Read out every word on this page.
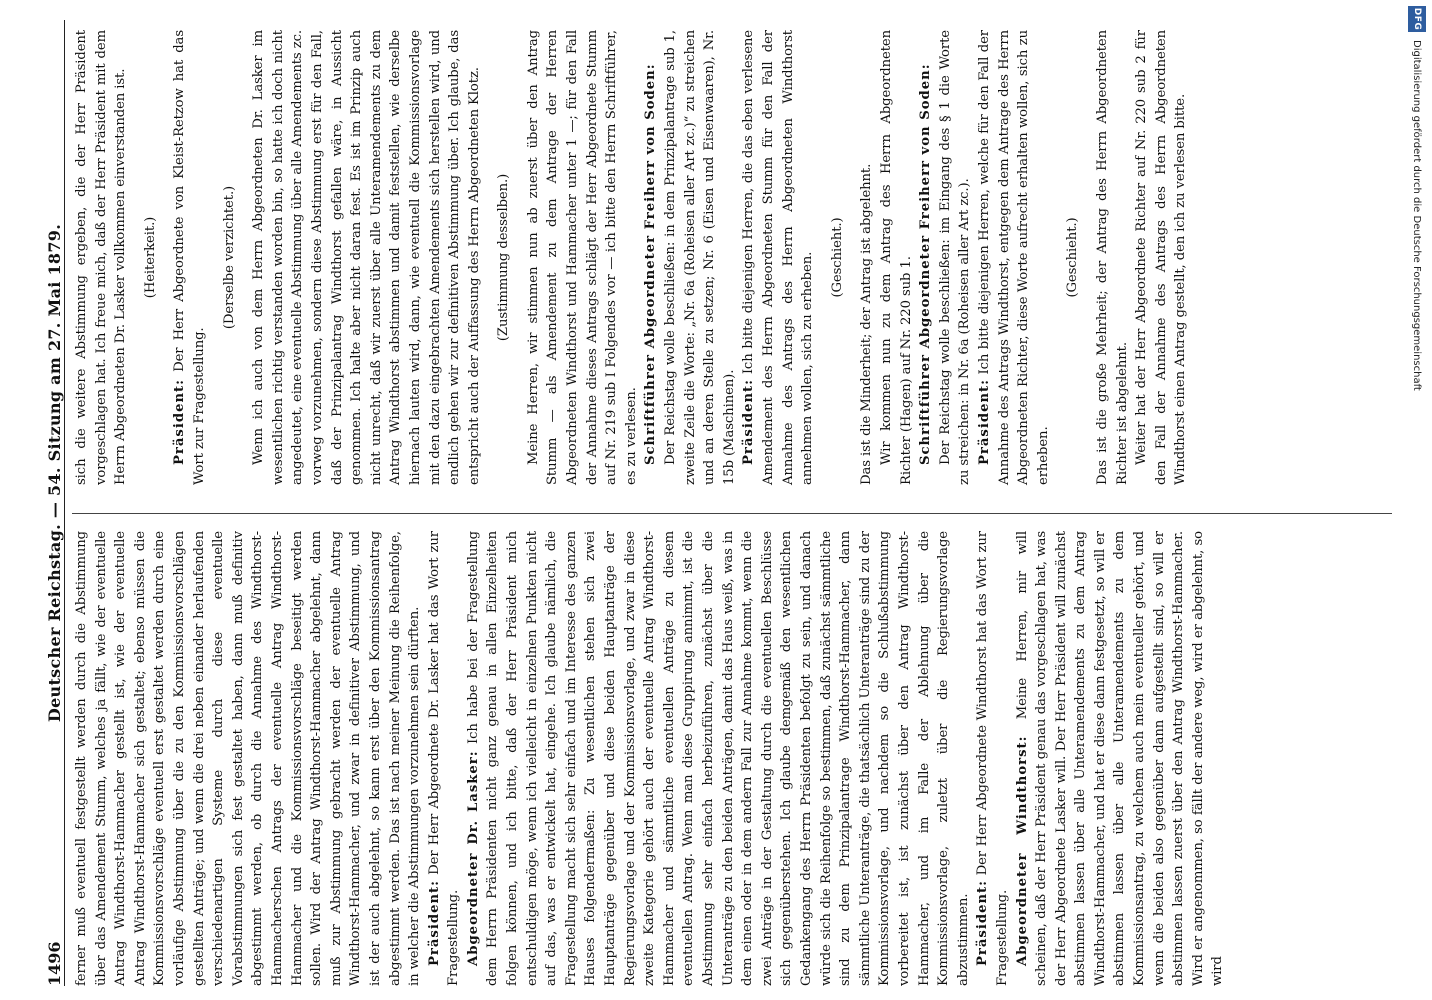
DFG
Digitalisierung gefördert durch die Deutsche Forschungsgemeinschaft
1496
Deutscher Reichstag. — 54. Sitzung am 27. Mai 1879.

ferner muß eventuell festgestellt werden durch die Abstimmung über das Amendement Stumm, welches ja fällt, wie der eventuelle Antrag Windthorst-Hammacher gestellt ist, wie der eventuelle Antrag Windthorst-Hammacher sich gestaltet; ebenso müssen die Kommissionsvorschläge eventuell erst gestaltet werden durch eine vorläufige Abstimmung über die zu den Kommissionsvorschlägen gestellten Anträge; und wenn die drei neben einander herlaufenden verschiedenartigen Systeme durch diese eventuelle Vorabstimmungen sich fest gestaltet haben, dann muß definitiv abgestimmt werden, ob durch die Annahme des Windthorst-Hammacherschen Antrags der eventuelle Antrag Windthorst-Hammacher und die Kommissionsvorschläge beseitigt werden sollen. Wird der Antrag Windthorst-Hammacher abgelehnt, dann muß zur Abstimmung gebracht werden der eventuelle Antrag Windthorst-Hammacher, und zwar in definitiver Abstimmung, und ist der auch abgelehnt, so kann erst über den Kommissionsantrag abgestimmt werden. Das ist nach meiner Meinung die Reihenfolge, in welcher die Abstimmungen vorzunehmen sein dürften. Präsident: Der Herr Abgeordnete Dr. Lasker hat das Wort zur Fragestellung. Abgeordneter Dr. Lasker: Ich habe bei der Fragestellung dem Herrn Präsidenten nicht ganz genau in allen Einzelheiten folgen können, und ich bitte, daß der Herr Präsident mich entschuldigen möge, wenn ich vielleicht in einzelnen Punkten nicht auf das, was er entwickelt hat, eingehe. Ich glaube nämlich, die Fragestellung macht sich sehr einfach und im Interesse des ganzen Hauses folgendermaßen: Zu wesentlichen stehen sich zwei Hauptanträge gegenüber und diese beiden Hauptanträge der Regierungsvorlage und der Kommissionsvorlage, und zwar in diese zweite Kategorie gehört auch der eventuelle Antrag Windthorst-Hammacher und sämmtliche eventuellen Anträge zu diesem eventuellen Antrag. Wenn man diese Gruppirung annimmt, ist die Abstimmung sehr einfach herbeizuführen, zunächst über die Unteranträge zu den beiden Anträgen, damit das Haus weiß, was in dem einen oder in dem andern Fall zur Annahme kommt, wenn die zwei Anträge in der Gestaltung durch die eventuellen Beschlüsse sich gegenüberstehen. Ich glaube demgemäß den wesentlichen Gedankengang des Herrn Präsidenten befolgt zu sein, und danach würde sich die Reihenfolge so bestimmen, daß zunächst sämmtliche sind zu dem Prinzipalantrage Windthorst-Hammacher, dann sämmtliche Unteranträge, die thatsächlich Unteranträge sind zu der Kommissionsvorlage, und nachdem so die Schlußabstimmung vorbereitet ist, ist zunächst über den Antrag Windthorst-Hammacher, und im Falle der Ablehnung über die Kommissionsvorlage, zuletzt über die Regierungsvorlage abzustimmen. Präsident: Der Herr Abgeordnete Windthorst hat das Wort zur Fragestellung. Abgeordneter Windthorst: Meine Herren, mir will scheinen, daß der Herr Präsident genau das vorgeschlagen hat, was der Herr Abgeordnete Lasker will. Der Herr Präsident will zunächst abstimmen lassen über alle Unteramendements zu dem Antrag Windthorst-Hammacher, und hat er diese dann festgesetzt, so will er abstimmen lassen über alle Unteramendements zu dem Kommissionsantrag, zu welchem auch mein eventueller gehört, und wenn die beiden also gegenüber dann aufgestellt sind, so will er abstimmen lassen zuerst über den Antrag Windthorst-Hammacher. Wird er angenommen, so fällt der andere weg, wird er abgelehnt, so wird

sich die weitere Abstimmung ergeben, die der Herr Präsident vorgeschlagen hat. Ich freue mich, daß der Herr Präsident mit dem Herrn Abgeordneten Dr. Lasker vollkommen einverstanden ist. (Heiterkeit.)

Präsident: Der Herr Abgeordnete von Kleist-Retzow hat das Wort zur Fragestellung.

(Derselbe verzichtet.) Wenn ich auch von dem Herrn Abgeordneten Dr. Lasker im wesentlichen richtig verstanden worden bin, so hatte ich doch nicht angedeutet, eine eventuelle Abstimmung über alle Amendements zc. vorweg vorzunehmen, sondern diese Abstimmung erst für den Fall, daß der Prinzipalantrag Windthorst gefallen wäre, in Aussicht genommen. Ich halte aber nicht daran fest. Es ist im Prinzip auch nicht unrecht, daß wir zuerst über alle Unteramendements zu dem Antrag Windthorst abstimmen und damit feststellen, wie derselbe hiernach lauten wird, dann, wie eventuell die Kommissionsvorlage mit den dazu eingebrachten Amendements sich herstellen wird, und endlich gehen wir zur definitiven Abstimmung über. Ich glaube, das entspricht auch der Auffassung des Herrn Abgeordneten Klotz. (Zustimmung desselben.) Meine Herren, wir stimmen nun ab zuerst über den Antrag Stumm — als Amendement zu dem Antrage der Herren Abgeordneten Windthorst und Hammacher unter 1 —; für den Fall der Annahme dieses Antrags schlägt der Herr Abgeordnete Stumm auf Nr. 219 sub I Folgendes vor — ich bitte den Herrn Schriftführer, es zu verlesen. Schriftführer Abgeordneter Freiherr von Soden: Der Reichstag wolle beschließen: in dem Prinzipalantrage sub 1, zweite Zeile die Worte: „Nr. 6a (Roheisen aller Art zc.)“ zu streichen und an deren Stelle zu setzen; Nr. 6 (Eisen und Eisenwaaren), Nr. 15b (Maschinen). Präsident: Ich bitte diejenigen Herren, die das eben verlesene Amendement des Herrn Abgeordneten Stumm für den Fall der Annahme des Antrags des Herrn Abgeordneten Windthorst annehmen wollen, sich zu erheben. (Geschieht.) Das ist die Minderheit; der Antrag ist abgelehnt. Wir kommen nun zu dem Antrag des Herrn Abgeordneten Richter (Hagen) auf Nr. 220 sub 1. Schriftführer Abgeordneter Freiherr von Soden: Der Reichstag wolle beschließen: im Eingang des § 1 die Worte zu streichen: in Nr. 6a (Roheisen aller Art zc.). Präsident: Ich bitte diejenigen Herren, welche für den Fall der Annahme des Antrags Windthorst, entgegen dem Antrage des Herrn Abgeordneten Richter, diese Worte aufrecht erhalten wollen, sich zu erheben.

(Geschieht.) Das ist die große Mehrheit; der Antrag des Herrn Abgeordneten Richter ist abgelehnt. Weiter hat der Herr Abgeordnete Richter auf Nr. 220 sub 2 für den Fall der Annahme des Antrags des Herrn Abgeordneten Windthorst einen Antrag gestellt, den ich zu verlesen bitte.
